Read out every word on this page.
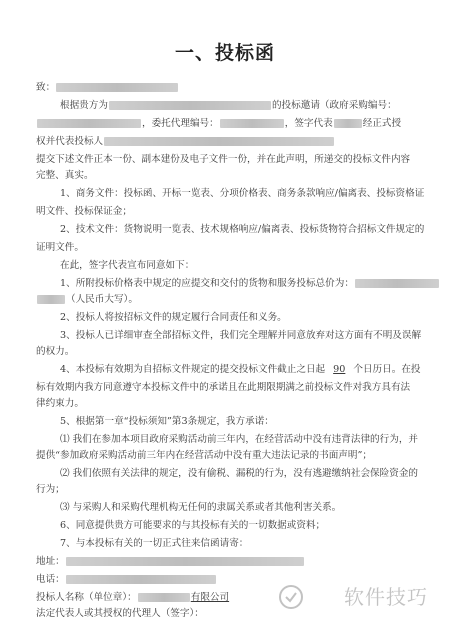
一、投标函
致：
根据贵方为	的投标邀请（政府采购编号：
，委托代理编号：	，签字代表	经正式授
权并代表投标人
提交下述文件正本一份、副本建份及电子文件一份，并在此声明，所递交的投标文件内容
完整、真实。
1、商务文件：投标函、开标一览表、分项价格表、商务条款响应/偏离表、投标资格证
明文件、投标保证金；
2、技术文件：货物说明一览表、技术规格响应/偏离表、投标货物符合招标文件规定的
证明文件。
在此，签字代表宣布同意如下：
1、所附投标价格表中规定的应提交和交付的货物和服务投标总价为：
（人民币大写）。
2、投标人将按招标文件的规定履行合同责任和义务。
3、投标人已详细审查全部招标文件，我们完全理解并同意放弃对这方面有不明及误解
的权力。
4、本投标有效期为自招标文件规定的提交投标文件截止之日起 90 个日历日。在投
标有效期内我方同意遵守本投标文件中的承诺且在此期限期满之前投标文件对我方具有法
律约束力。
5、根据第一章“投标须知”第3条规定，我方承诺：
⑴ 我们在参加本项目政府采购活动前三年内，在经营活动中没有违背法律的行为，并
提供“参加政府采购活动前三年内在经营活动中没有重大违法记录的书面声明”；
⑵ 我们依照有关法律的规定，没有偷税、漏税的行为，没有逃避缴纳社会保险资金的
行为；
⑶ 与采购人和采购代理机构无任何的隶属关系或者其他利害关系。
6、同意提供贵方可能要求的与其投标有关的一切数据或资料；
7、与本投标有关的一切正式往来信函请寄：
地址：
电话：
投标人名称（单位章）：	有限公司
法定代表人或其授权的代理人（签字）：
软件技巧
